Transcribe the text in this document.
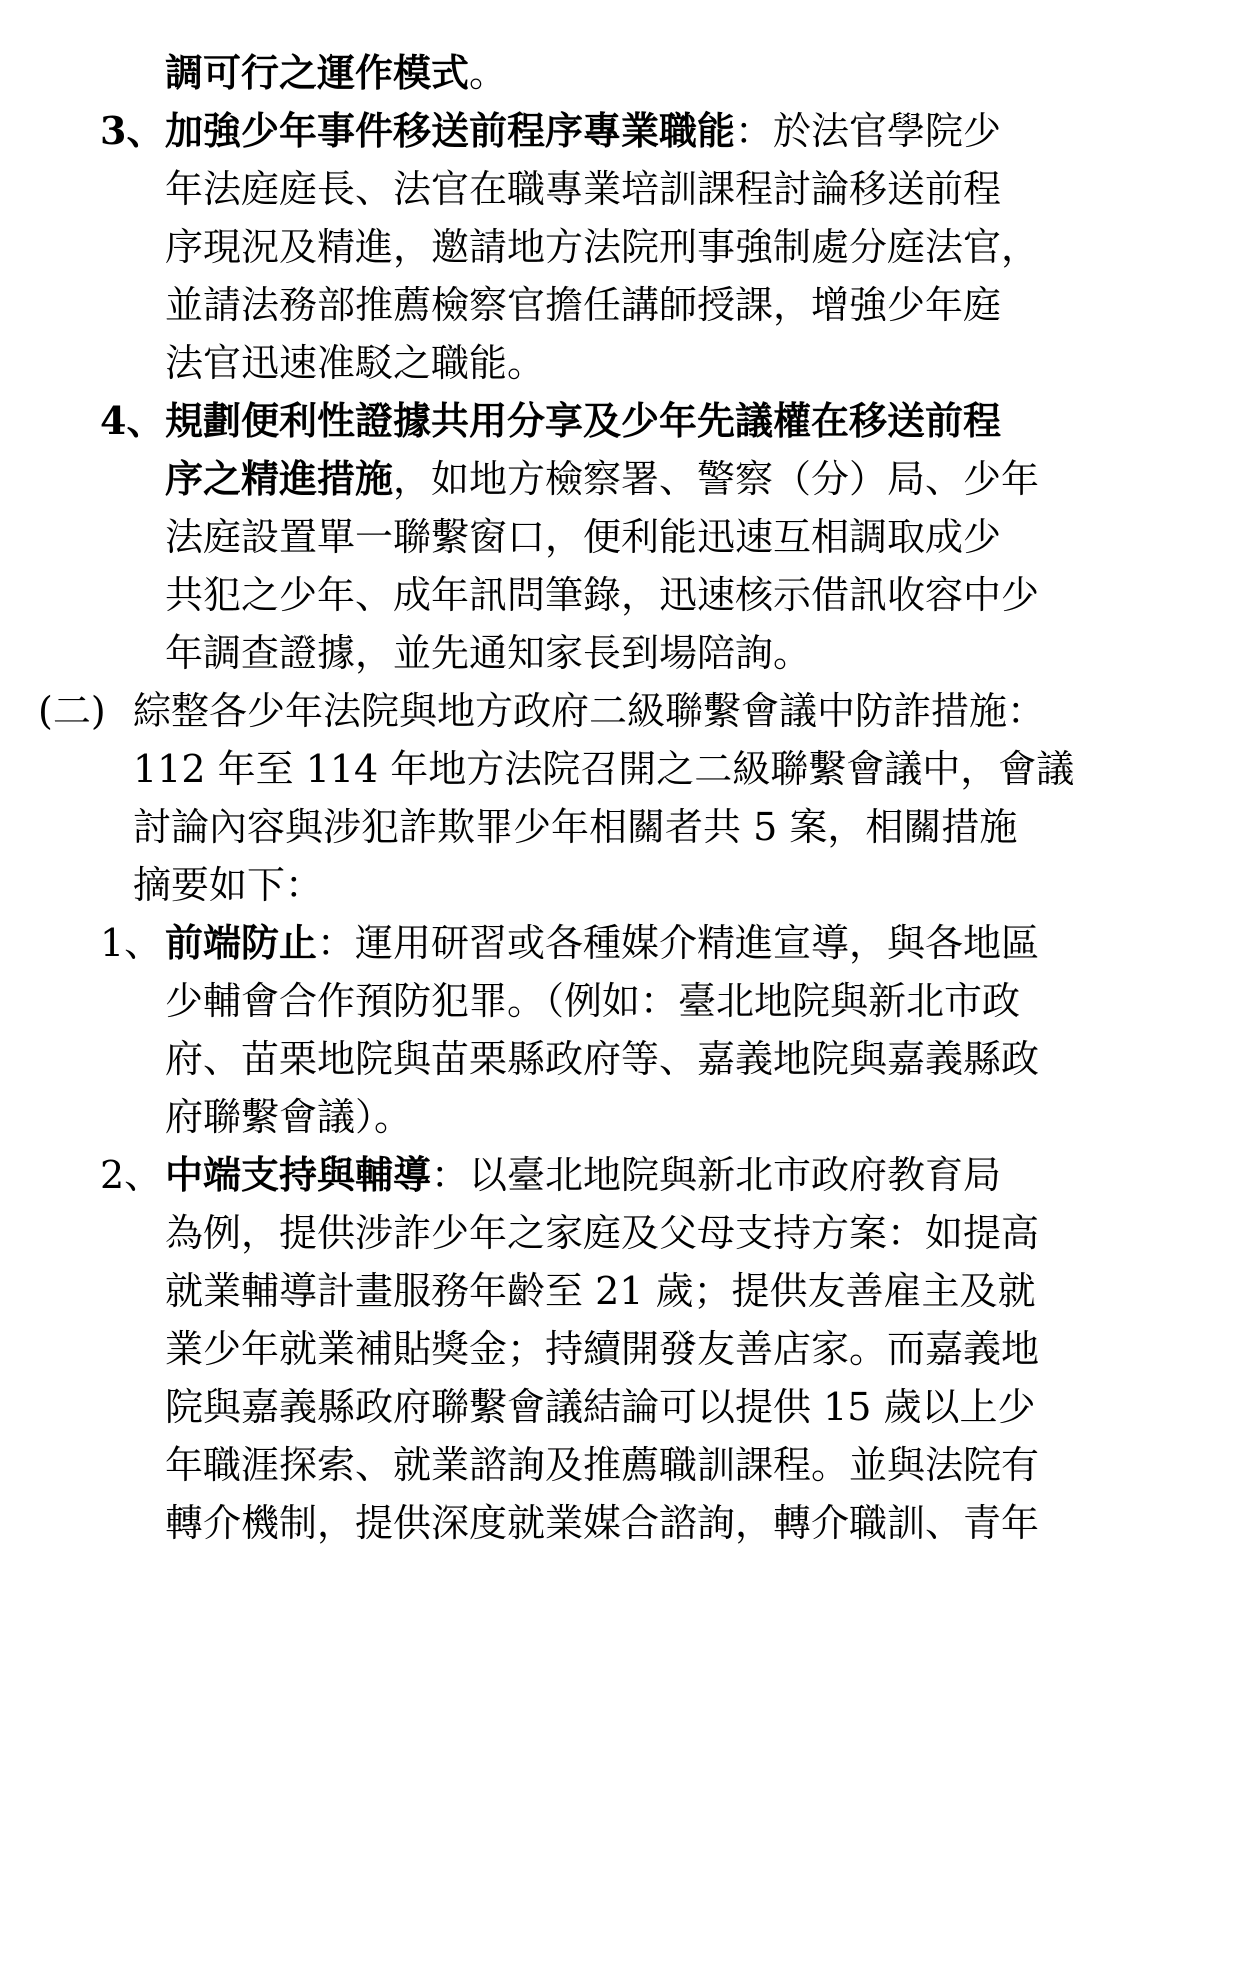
3、
4、
(二)
1、
2、
調可行之運作模式。
加強少年事件移送前程序專業職能：於法官學院少
年法庭庭長、法官在職專業培訓課程討論移送前程
序現況及精進，邀請地方法院刑事強制處分庭法官，
並請法務部推薦檢察官擔任講師授課，增強少年庭
法官迅速准駁之職能。
規劃便利性證據共用分享及少年先議權在移送前程
序之精進措施，如地方檢察署、警察（分）局、少年
法庭設置單一聯繫窗口，便利能迅速互相調取成少
共犯之少年、成年訊問筆錄，迅速核示借訊收容中少
年調查證據，並先通知家長到場陪詢。
綜整各少年法院與地方政府二級聯繫會議中防詐措施：
112 年至 114 年地方法院召開之二級聯繫會議中，會議
討論內容與涉犯詐欺罪少年相關者共 5 案，相關措施
摘要如下：
前端防止：運用研習或各種媒介精進宣導，與各地區
少輔會合作預防犯罪。（例如：臺北地院與新北市政
府、苗栗地院與苗栗縣政府等、嘉義地院與嘉義縣政
府聯繫會議）。
中端支持與輔導：以臺北地院與新北市政府教育局
為例，提供涉詐少年之家庭及父母支持方案：如提高
就業輔導計畫服務年齡至 21 歲；提供友善雇主及就
業少年就業補貼獎金；持續開發友善店家。而嘉義地
院與嘉義縣政府聯繫會議結論可以提供 15 歲以上少
年職涯探索、就業諮詢及推薦職訓課程。並與法院有
轉介機制，提供深度就業媒合諮詢，轉介職訓、青年
